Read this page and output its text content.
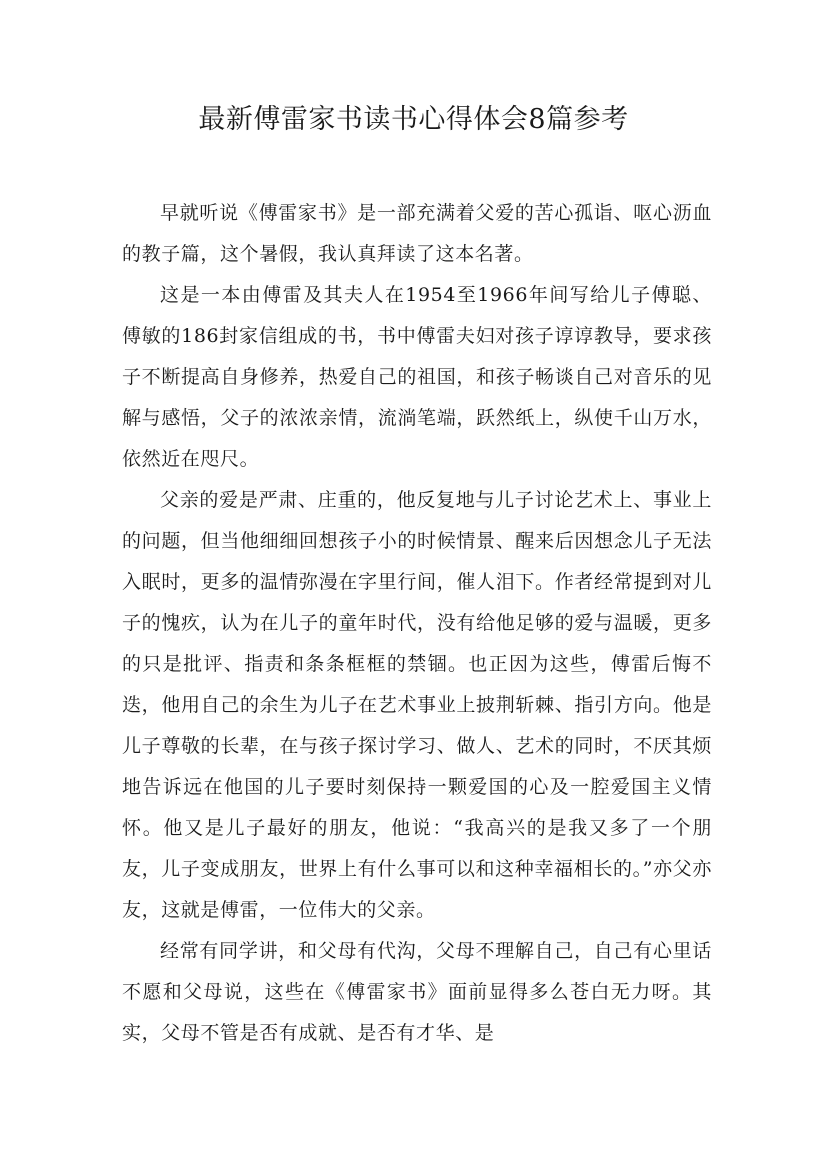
最新傅雷家书读书心得体会8篇参考

早就听说《傅雷家书》是一部充满着父爱的苦心孤诣、呕心沥血的教子篇，这个暑假，我认真拜读了这本名著。

这是一本由傅雷及其夫人在1954至1966年间写给儿子傅聪、傅敏的186封家信组成的书，书中傅雷夫妇对孩子谆谆教导，要求孩子不断提高自身修养，热爱自己的祖国，和孩子畅谈自己对音乐的见解与感悟，父子的浓浓亲情，流淌笔端，跃然纸上，纵使千山万水，依然近在咫尺。

父亲的爱是严肃、庄重的，他反复地与儿子讨论艺术上、事业上的问题，但当他细细回想孩子小的时候情景、醒来后因想念儿子无法入眠时，更多的温情弥漫在字里行间，催人泪下。作者经常提到对儿子的愧疚，认为在儿子的童年时代，没有给他足够的爱与温暖，更多的只是批评、指责和条条框框的禁锢。也正因为这些，傅雷后悔不迭，他用自己的余生为儿子在艺术事业上披荆斩棘、指引方向。他是儿子尊敬的长辈，在与孩子探讨学习、做人、艺术的同时，不厌其烦地告诉远在他国的儿子要时刻保持一颗爱国的心及一腔爱国主义情怀。他又是儿子最好的朋友，他说：“我高兴的是我又多了一个朋友，儿子变成朋友，世界上有什么事可以和这种幸福相长的。”亦父亦友，这就是傅雷，一位伟大的父亲。

经常有同学讲，和父母有代沟，父母不理解自己，自己有心里话不愿和父母说，这些在《傅雷家书》面前显得多么苍白无力呀。其实，父母不管是否有成就、是否有才华、是
